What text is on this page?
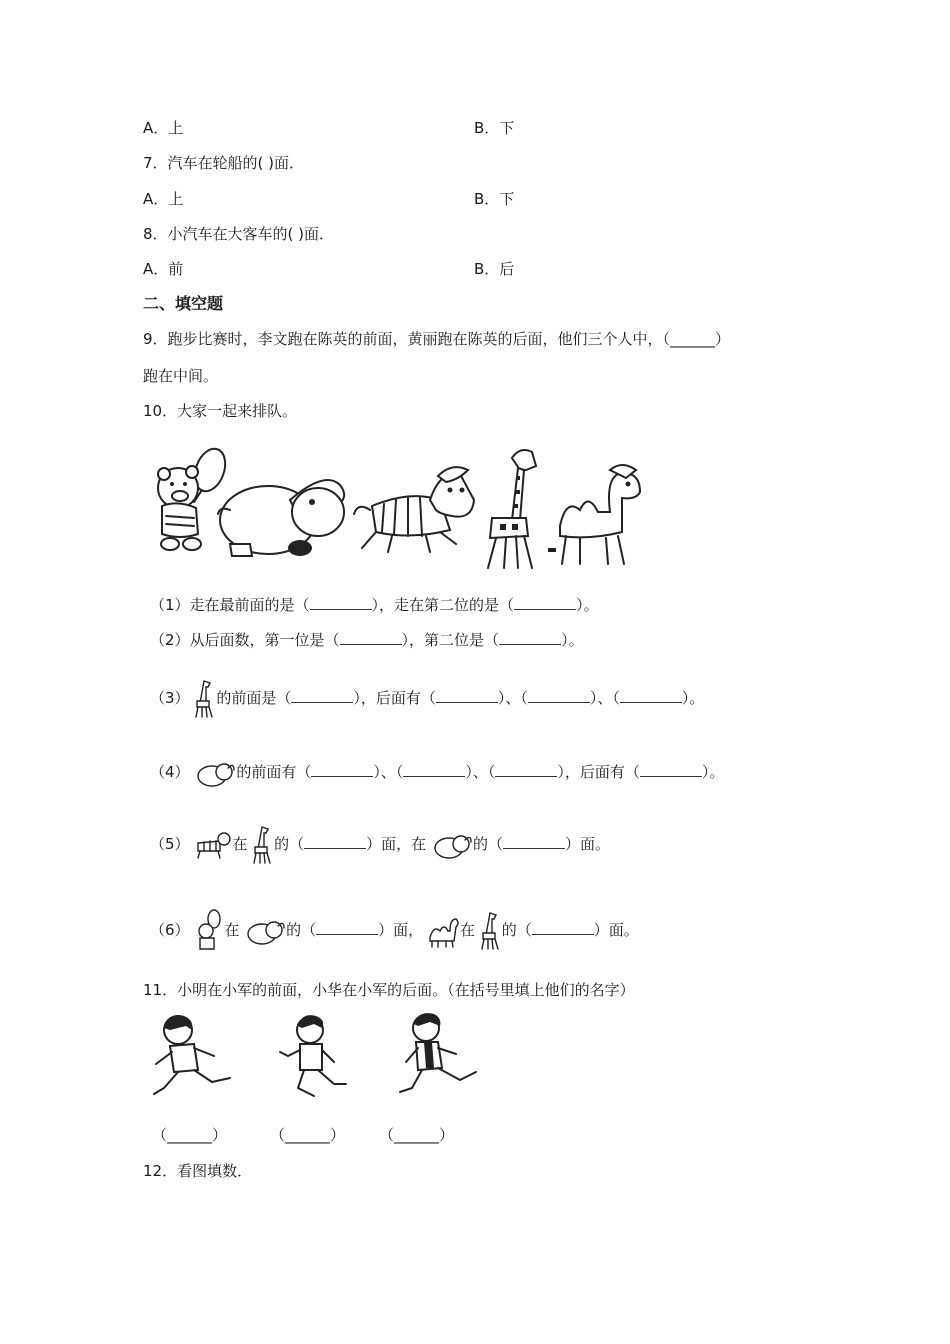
A．上	B．下
7．汽车在轮船的( )面．
A．上	B．下
8．小汽车在大客车的( )面．
A．前	B．后
二、填空题
9．跑步比赛时，李文跑在陈英的前面，黄丽跑在陈英的后面，他们三个人中，（______）
跑在中间。
10．大家一起来排队。
（1）走在最前面的是（	），走在第二位的是（	）。
（2）从后面数，第一位是（	），第二位是（	）。
（3） 的前面是（	），后面有（	）、（	）、（	）。
（4）	的前面有（	）、（	）、（	），后面有（	）。
（5）	在 的（	）面，在	的（	）面。
（6） 在	的（	）面， 在 的（	）面。
11．小明在小军的前面，小华在小军的后面。（在括号里填上他们的名字）
（______）	（______） （______）
12．看图填数．
